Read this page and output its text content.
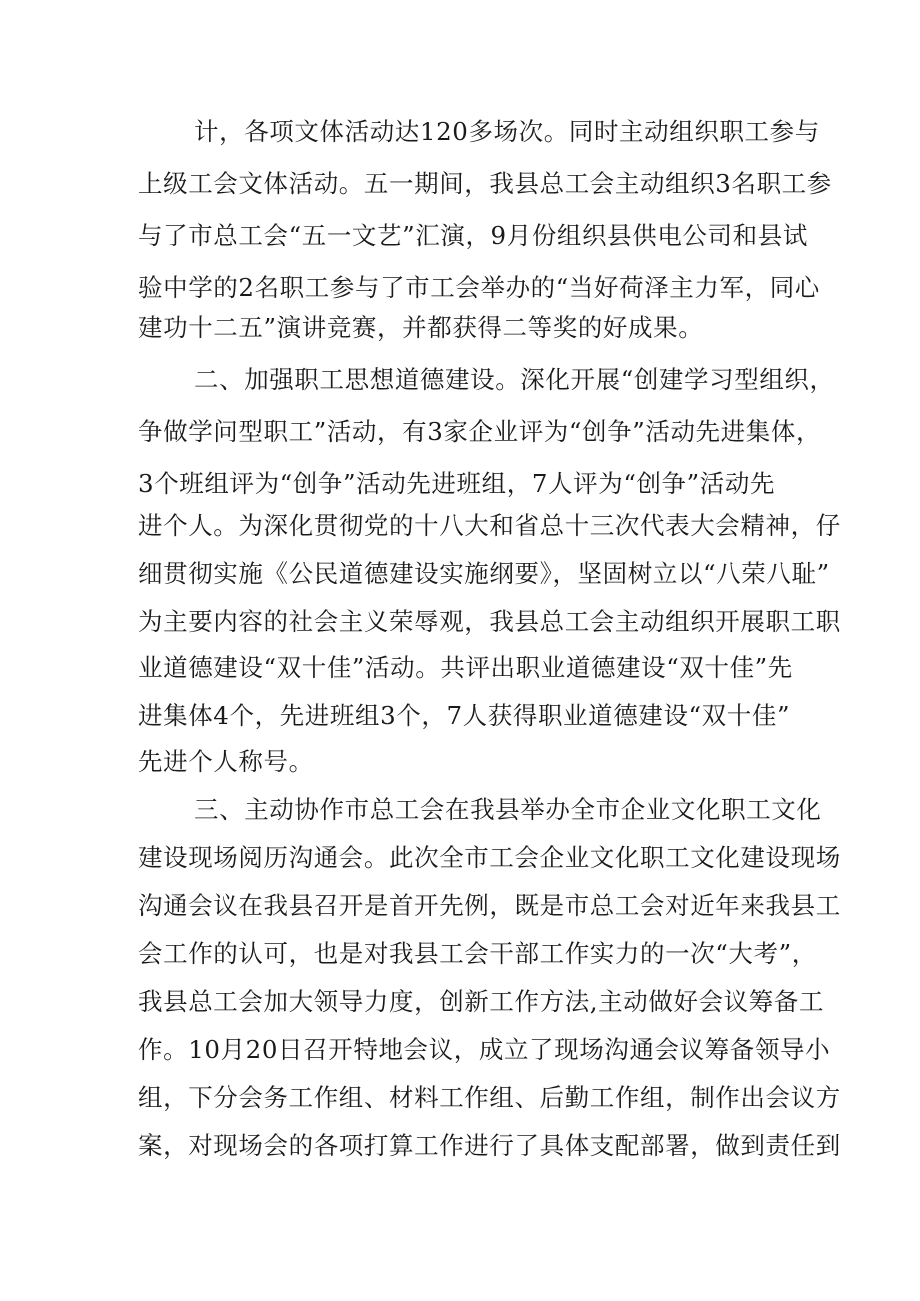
计，各项文体活动达120多场次。同时主动组织职工参与
上级工会文体活动。五一期间，我县总工会主动组织3名职工参
与了市总工会“五一文艺”汇演，9月份组织县供电公司和县试
验中学的2名职工参与了市工会举办的“当好荷泽主力军，同心
建功十二五”演讲竞赛，并都获得二等奖的好成果。
二、加强职工思想道德建设。深化开展“创建学习型组织，
争做学问型职工”活动，有3家企业评为“创争”活动先进集体，
3个班组评为“创争”活动先进班组，7人评为“创争”活动先
进个人。为深化贯彻党的十八大和省总十三次代表大会精神，仔
细贯彻实施《公民道德建设实施纲要》，坚固树立以“八荣八耻”
为主要内容的社会主义荣辱观，我县总工会主动组织开展职工职
业道德建设“双十佳”活动。共评出职业道德建设“双十佳”先
进集体4个，先进班组3个，7人获得职业道德建设“双十佳”
先进个人称号。
三、主动协作市总工会在我县举办全市企业文化职工文化
建设现场阅历沟通会。此次全市工会企业文化职工文化建设现场
沟通会议在我县召开是首开先例，既是市总工会对近年来我县工
会工作的认可，也是对我县工会干部工作实力的一次“大考”，
我县总工会加大领导力度，创新工作方法,主动做好会议筹备工
作。10月20日召开特地会议，成立了现场沟通会议筹备领导小
组，下分会务工作组、材料工作组、后勤工作组，制作出会议方
案，对现场会的各项打算工作进行了具体支配部署，做到责任到
